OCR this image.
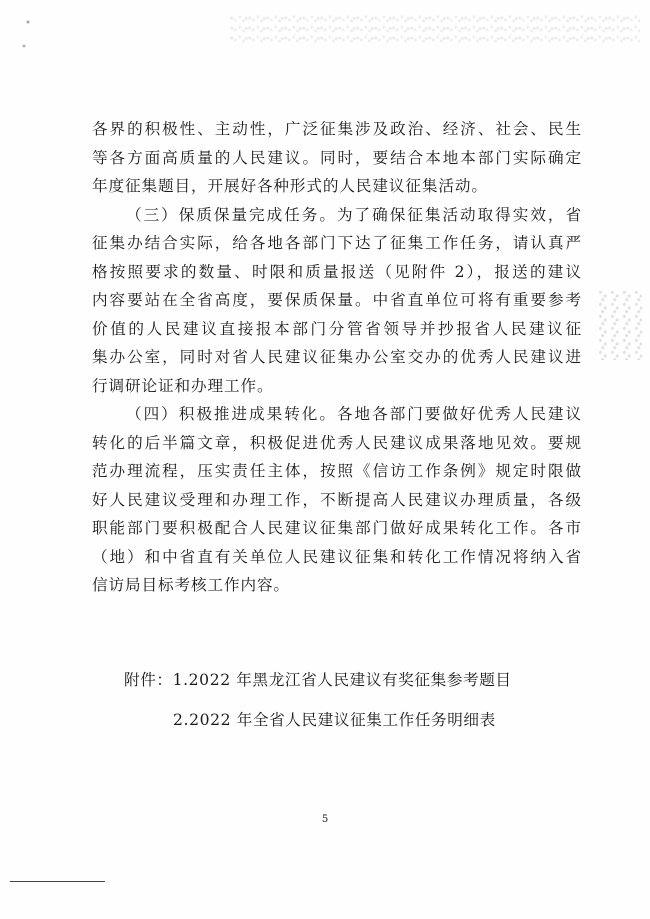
各界的积极性、主动性，广泛征集涉及政治、经济、社会、民生
等各方面高质量的人民建议。同时，要结合本地本部门实际确定
年度征集题目，开展好各种形式的人民建议征集活动。
（三）保质保量完成任务。为了确保征集活动取得实效，省
征集办结合实际，给各地各部门下达了征集工作任务，请认真严
格按照要求的数量、时限和质量报送（见附件 2），报送的建议
内容要站在全省高度，要保质保量。中省直单位可将有重要参考
价值的人民建议直接报本部门分管省领导并抄报省人民建议征
集办公室，同时对省人民建议征集办公室交办的优秀人民建议进
行调研论证和办理工作。
（四）积极推进成果转化。各地各部门要做好优秀人民建议
转化的后半篇文章，积极促进优秀人民建议成果落地见效。要规
范办理流程，压实责任主体，按照《信访工作条例》规定时限做
好人民建议受理和办理工作，不断提高人民建议办理质量，各级
职能部门要积极配合人民建议征集部门做好成果转化工作。各市
（地）和中省直有关单位人民建议征集和转化工作情况将纳入省
信访局目标考核工作内容。
附件：1.2022 年黑龙江省人民建议有奖征集参考题目
2.2022 年全省人民建议征集工作任务明细表
5
